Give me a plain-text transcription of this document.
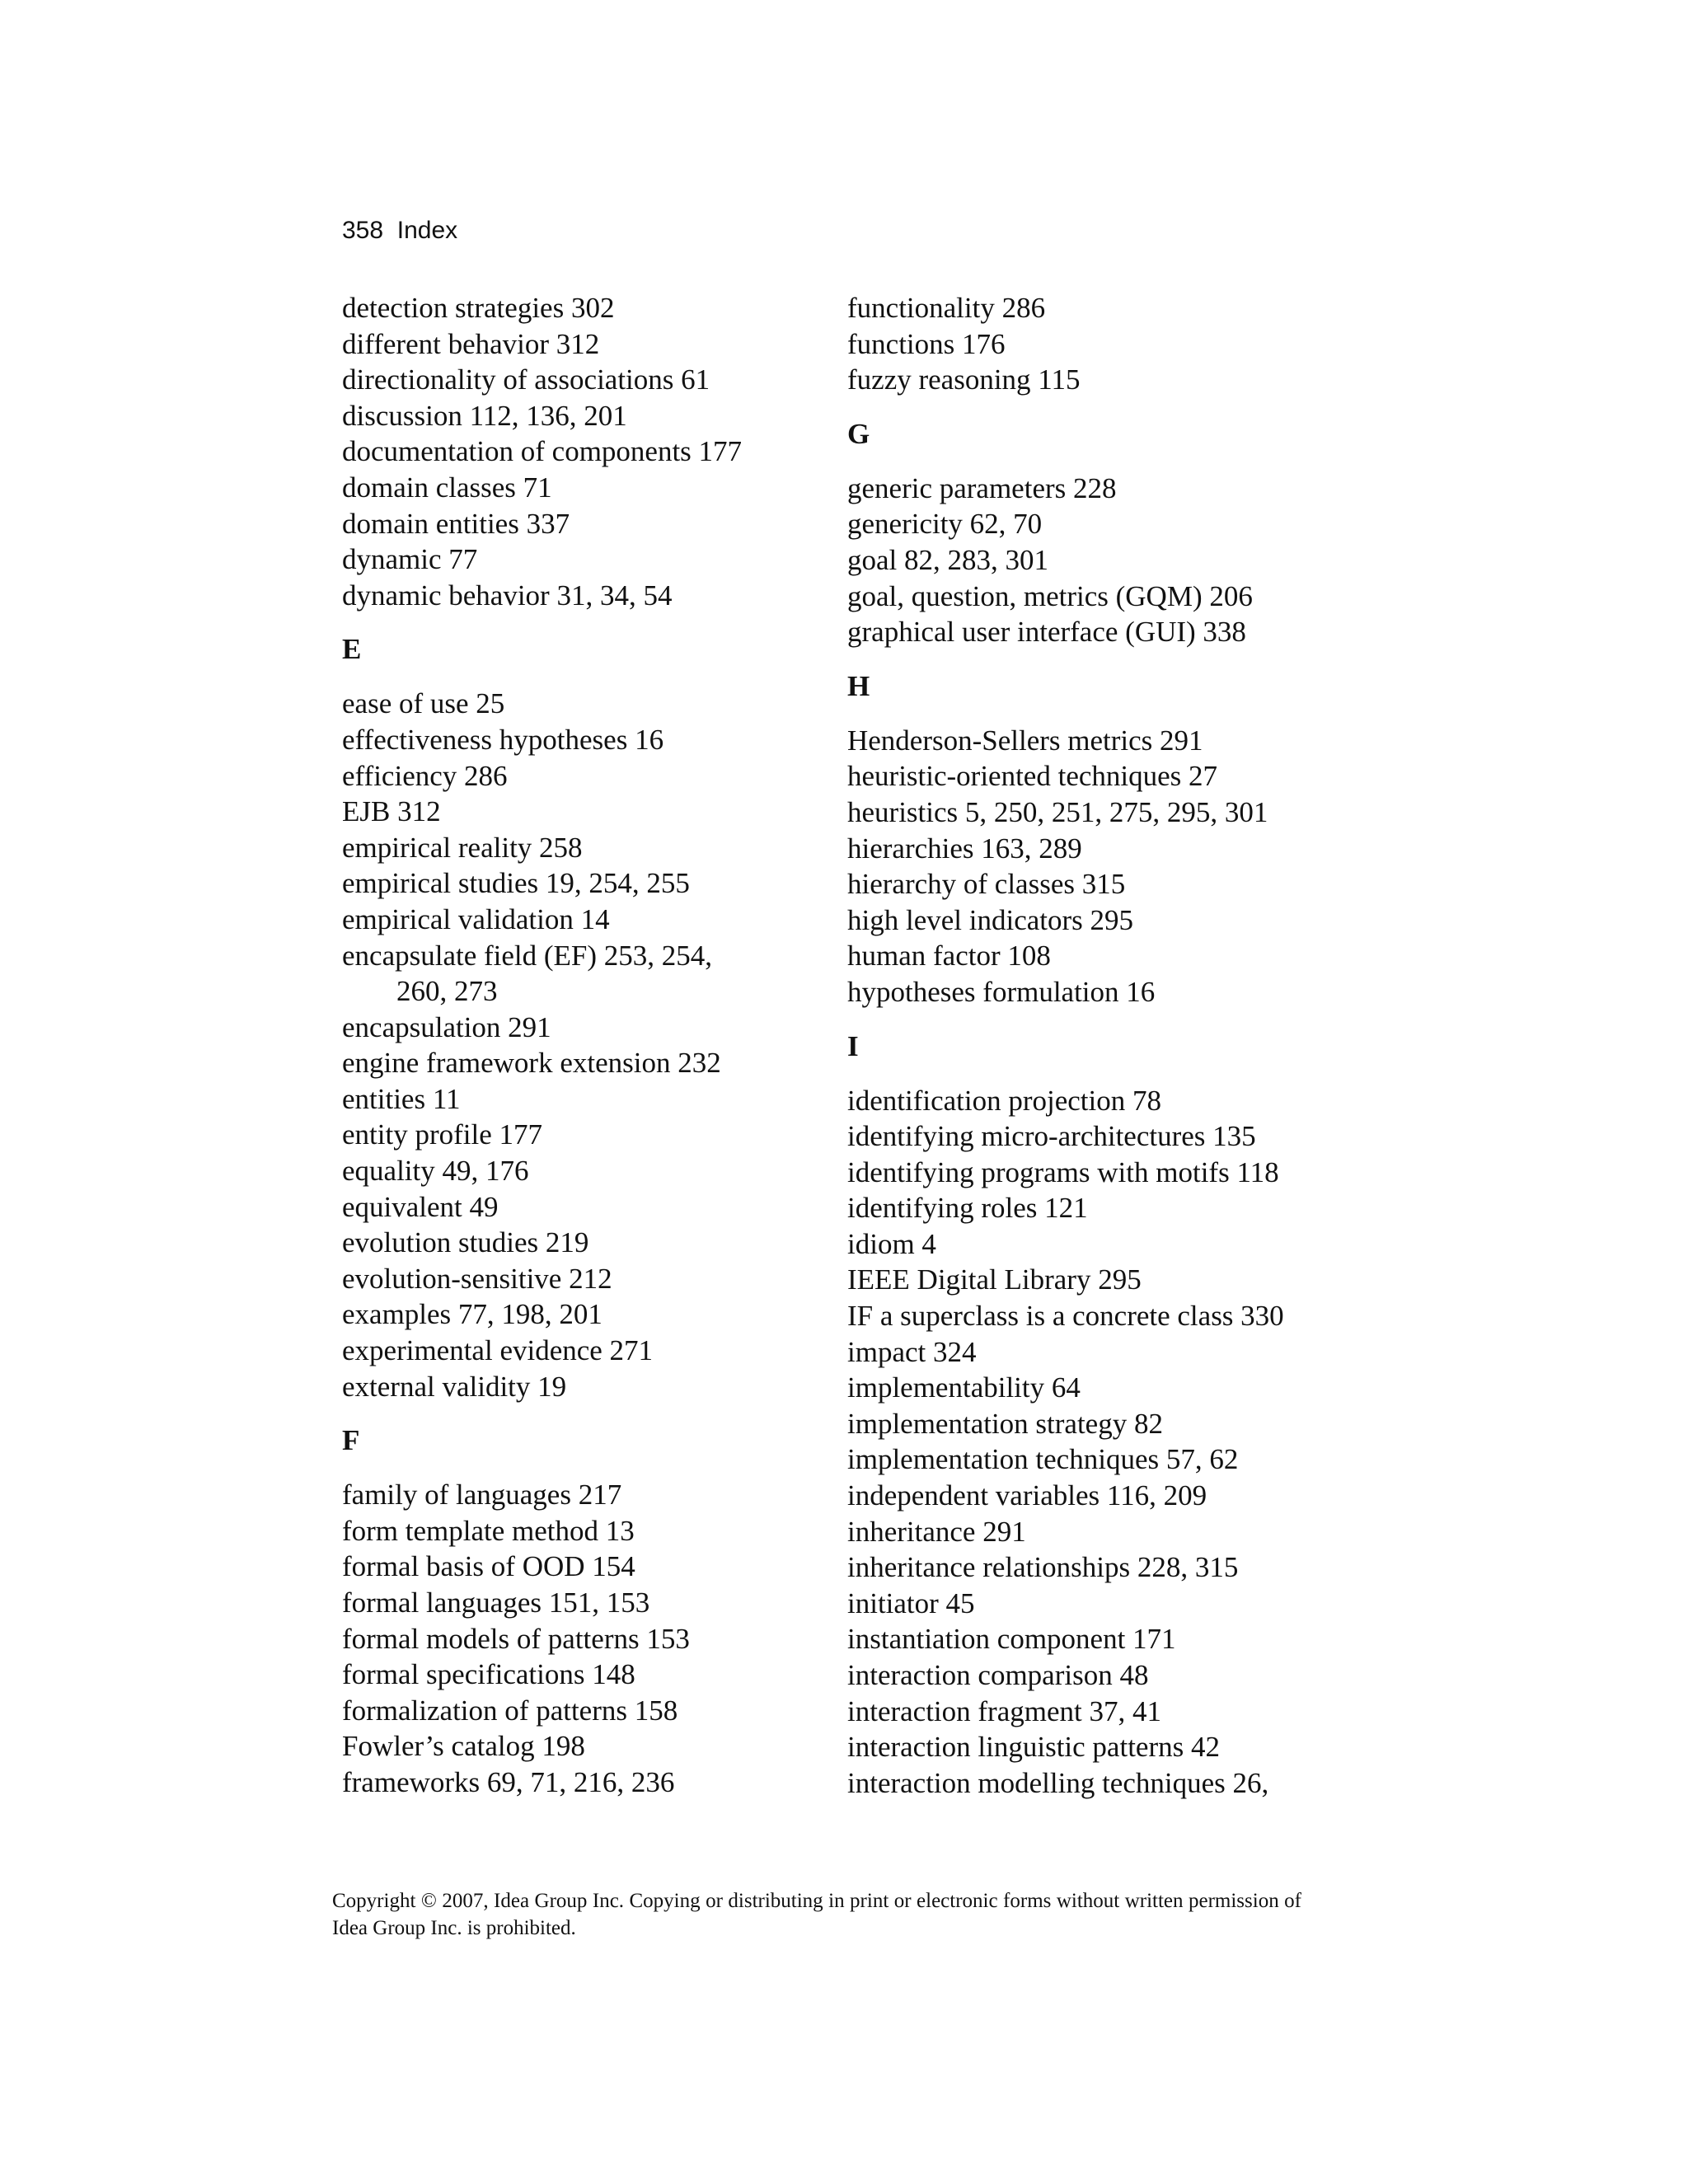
358 Index

detection strategies 302

different behavior 312

directionality of associations 61

discussion 112, 136, 201

documentation of components 177

domain classes 71

domain entities 337

dynamic 77

dynamic behavior 31, 34, 54

E

ease of use 25

effectiveness hypotheses 16

efficiency 286

EJB 312

empirical reality 258

empirical studies 19, 254, 255

empirical validation 14

encapsulate field (EF) 253, 254,

260, 273

encapsulation 291

engine framework extension 232

entities 11

entity profile 177

equality 49, 176

equivalent 49

evolution studies 219

evolution-sensitive 212

examples 77, 198, 201

experimental evidence 271

external validity 19

F

family of languages 217

form template method 13

formal basis of OOD 154

formal languages 151, 153

formal models of patterns 153

formal specifications 148

formalization of patterns 158

Fowler’s catalog 198

frameworks 69, 71, 216, 236

functionality 286

functions 176

fuzzy reasoning 115

G

generic parameters 228

genericity 62, 70

goal 82, 283, 301

goal, question, metrics (GQM) 206

graphical user interface (GUI) 338

H

Henderson-Sellers metrics 291

heuristic-oriented techniques 27

heuristics 5, 250, 251, 275, 295, 301

hierarchies 163, 289

hierarchy of classes 315

high level indicators 295

human factor 108

hypotheses formulation 16

I

identification projection 78

identifying micro-architectures 135

identifying programs with motifs 118

identifying roles 121

idiom 4

IEEE Digital Library 295

IF a superclass is a concrete class 330

impact 324

implementability 64

implementation strategy 82

implementation techniques 57, 62

independent variables 116, 209

inheritance 291

inheritance relationships 228, 315

initiator 45

instantiation component 171

interaction comparison 48

interaction fragment 37, 41

interaction linguistic patterns 42

interaction modelling techniques 26,

Copyright © 2007, Idea Group Inc. Copying or distributing in print or electronic forms without written permission of Idea Group Inc. is prohibited.
